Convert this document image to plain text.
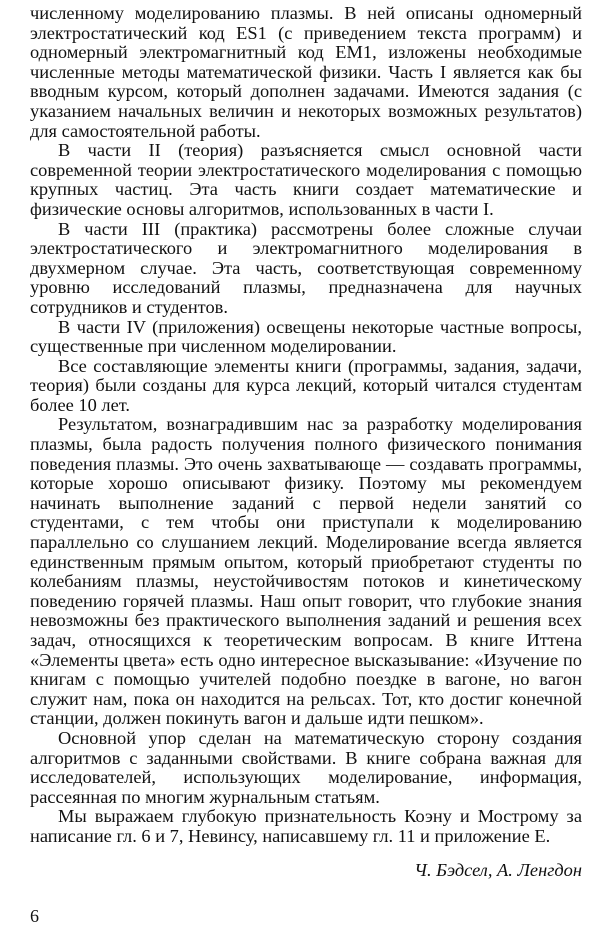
численному моделированию плазмы. В ней описаны одномерный электростатический код ES1 (с приведением текста программ) и одномерный электромагнитный код EM1, изложены необходимые численные методы математической физики. Часть I является как бы вводным курсом, который дополнен задачами. Имеются задания (с указанием начальных величин и некоторых возможных результатов) для самостоятельной работы.

В части II (теория) разъясняется смысл основной части современной теории электростатического моделирования с помощью крупных частиц. Эта часть книги создает математические и физические основы алгоритмов, использованных в части I.

В части III (практика) рассмотрены более сложные случаи электростатического и электромагнитного моделирования в двухмерном случае. Эта часть, соответствующая современному уровню исследований плазмы, предназначена для научных сотрудников и студентов.

В части IV (приложения) освещены некоторые частные вопросы, существенные при численном моделировании.

Все составляющие элементы книги (программы, задания, задачи, теория) были созданы для курса лекций, который читался студентам более 10 лет.

Результатом, вознаградившим нас за разработку моделирования плазмы, была радость получения полного физического понимания поведения плазмы. Это очень захватывающе — создавать программы, которые хорошо описывают физику. Поэтому мы рекомендуем начинать выполнение заданий с первой недели занятий со студентами, с тем чтобы они приступали к моделированию параллельно со слушанием лекций. Моделирование всегда является единственным прямым опытом, который приобретают студенты по колебаниям плазмы, неустойчивостям потоков и кинетическому поведению горячей плазмы. Наш опыт говорит, что глубокие знания невозможны без практического выполнения заданий и решения всех задач, относящихся к теоретическим вопросам. В книге Иттена «Элементы цвета» есть одно интересное высказывание: «Изучение по книгам с помощью учителей подобно поездке в вагоне, но вагон служит нам, пока он находится на рельсах. Тот, кто достиг конечной станции, должен покинуть вагон и дальше идти пешком».

Основной упор сделан на математическую сторону создания алгоритмов с заданными свойствами. В книге собрана важная для исследователей, использующих моделирование, информация, рассеянная по многим журнальным статьям.

Мы выражаем глубокую признательность Коэну и Мострому за написание гл. 6 и 7, Невинсу, написавшему гл. 11 и приложение E.

Ч. Бэдсел, А. Ленгдон

6
